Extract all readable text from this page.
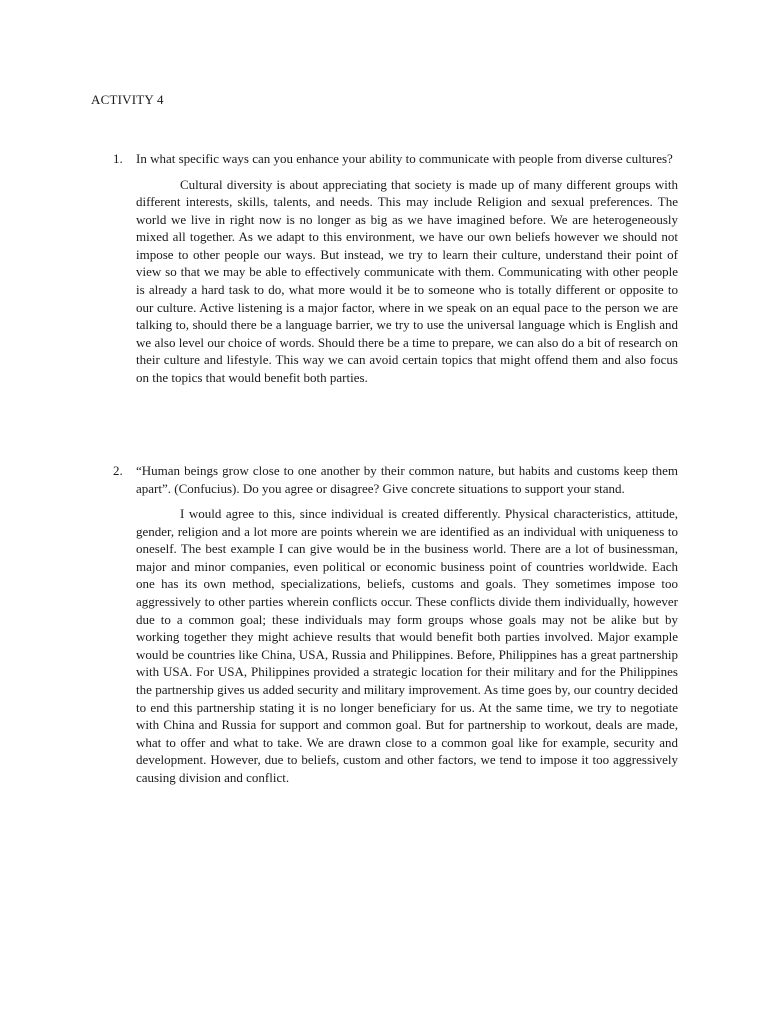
ACTIVITY 4
1. In what specific ways can you enhance your ability to communicate with people from diverse cultures?
Cultural diversity is about appreciating that society is made up of many different groups with different interests, skills, talents, and needs. This may include Religion and sexual preferences. The world we live in right now is no longer as big as we have imagined before. We are heterogeneously mixed all together. As we adapt to this environment, we have our own beliefs however we should not impose to other people our ways. But instead, we try to learn their culture, understand their point of view so that we may be able to effectively communicate with them. Communicating with other people is already a hard task to do, what more would it be to someone who is totally different or opposite to our culture. Active listening is a major factor, where in we speak on an equal pace to the person we are talking to, should there be a language barrier, we try to use the universal language which is English and we also level our choice of words. Should there be a time to prepare, we can also do a bit of research on their culture and lifestyle. This way we can avoid certain topics that might offend them and also focus on the topics that would benefit both parties.
2. “Human beings grow close to one another by their common nature, but habits and customs keep them apart”. (Confucius). Do you agree or disagree? Give concrete situations to support your stand.
I would agree to this, since individual is created differently. Physical characteristics, attitude, gender, religion and a lot more are points wherein we are identified as an individual with uniqueness to oneself. The best example I can give would be in the business world. There are a lot of businessman, major and minor companies, even political or economic business point of countries worldwide. Each one has its own method, specializations, beliefs, customs and goals. They sometimes impose too aggressively to other parties wherein conflicts occur. These conflicts divide them individually, however due to a common goal; these individuals may form groups whose goals may not be alike but by working together they might achieve results that would benefit both parties involved. Major example would be countries like China, USA, Russia and Philippines. Before, Philippines has a great partnership with USA. For USA, Philippines provided a strategic location for their military and for the Philippines the partnership gives us added security and military improvement. As time goes by, our country decided to end this partnership stating it is no longer beneficiary for us. At the same time, we try to negotiate with China and Russia for support and common goal. But for partnership to workout, deals are made, what to offer and what to take. We are drawn close to a common goal like for example, security and development. However, due to beliefs, custom and other factors, we tend to impose it too aggressively causing division and conflict.
